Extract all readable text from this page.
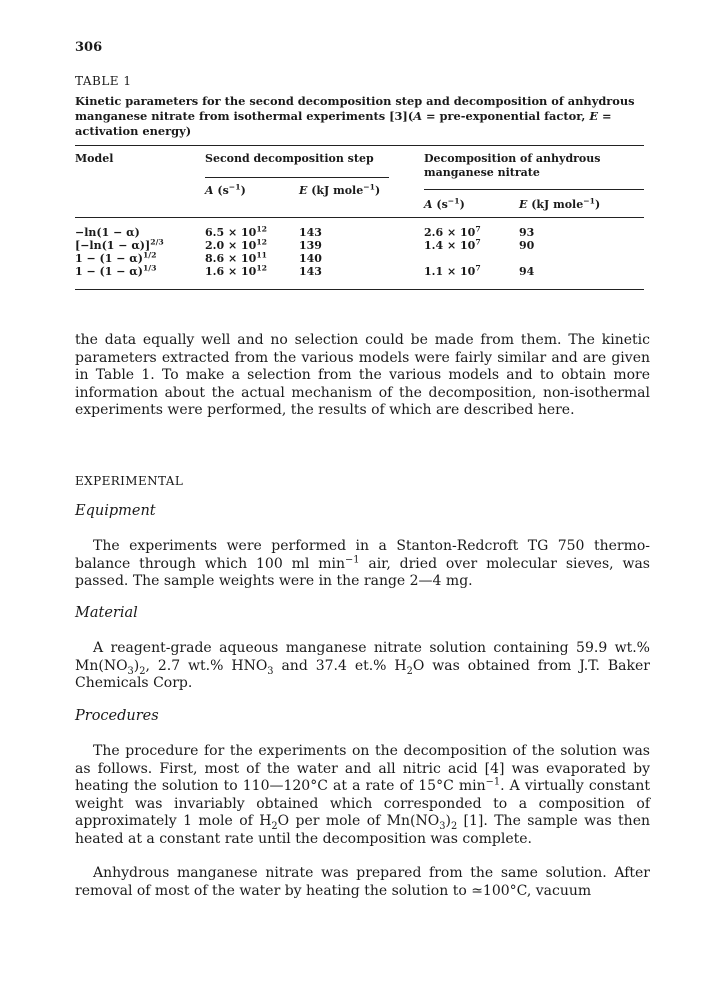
306
TABLE 1
Kinetic parameters for the second decomposition step and decomposition of anhydrous manganese nitrate from isothermal experiments [3](A = pre-exponential factor, E = activation energy)
Model	Second decomposition step	Decomposition of anhydrous
manganese nitrate
A $(s^{-1})$	E (kJ mole$^{-1}$)
A $(s^{-1})$	E (kJ mole$^{-1}$)
−ln(1 − α)	$6.5 \times 10^{12}$	143	$2.6 \times 10^7$	93
$[-\ln(1 - \alpha)]^{2/3}$	$2.0 \times 10^{12}$	139	$1.4 \times 10^7$	90
$1 - (1 - \alpha)^{1/2}$	$8.6 \times 10^{11}$	140
$1 - (1 - \alpha)^{1/3}$	$1.6 \times 10^{12}$	143	$1.1 \times 10^7$	94
the data equally well and no selection could be made from them. The kinetic parameters extracted from the various models were fairly similar and are given in Table 1. To make a selection from the various models and to obtain more information about the actual mechanism of the decomposition, non-isothermal experiments were performed, the results of which are described here.
EXPERIMENTAL
Equipment
The experiments were performed in a Stanton-Redcroft TG 750 thermo-balance through which 100 ml $\min^{-1}$ air, dried over molecular sieves, was passed. The sample weights were in the range 2—4 mg.
Material
A reagent-grade aqueous manganese nitrate solution containing 59.9 wt.% $Mn(NO_3)_2$, 2.7 wt.% $HNO_3$ and 37.4 et.% $H_2O$ was obtained from J.T. Baker Chemicals Corp.
Procedures
The procedure for the experiments on the decomposition of the solution was as follows. First, most of the water and all nitric acid [4] was evaporated by heating the solution to 110—120°C at a rate of 15°C $\min^{-1}$. A virtually constant weight was invariably obtained which corresponded to a composition of approximately 1 mole of $H_2O$ per mole of $Mn(NO_3)_2$ [1]. The sample was then heated at a constant rate until the decomposition was complete.
Anhydrous manganese nitrate was prepared from the same solution. After removal of most of the water by heating the solution to ≃100°C, vacuum
